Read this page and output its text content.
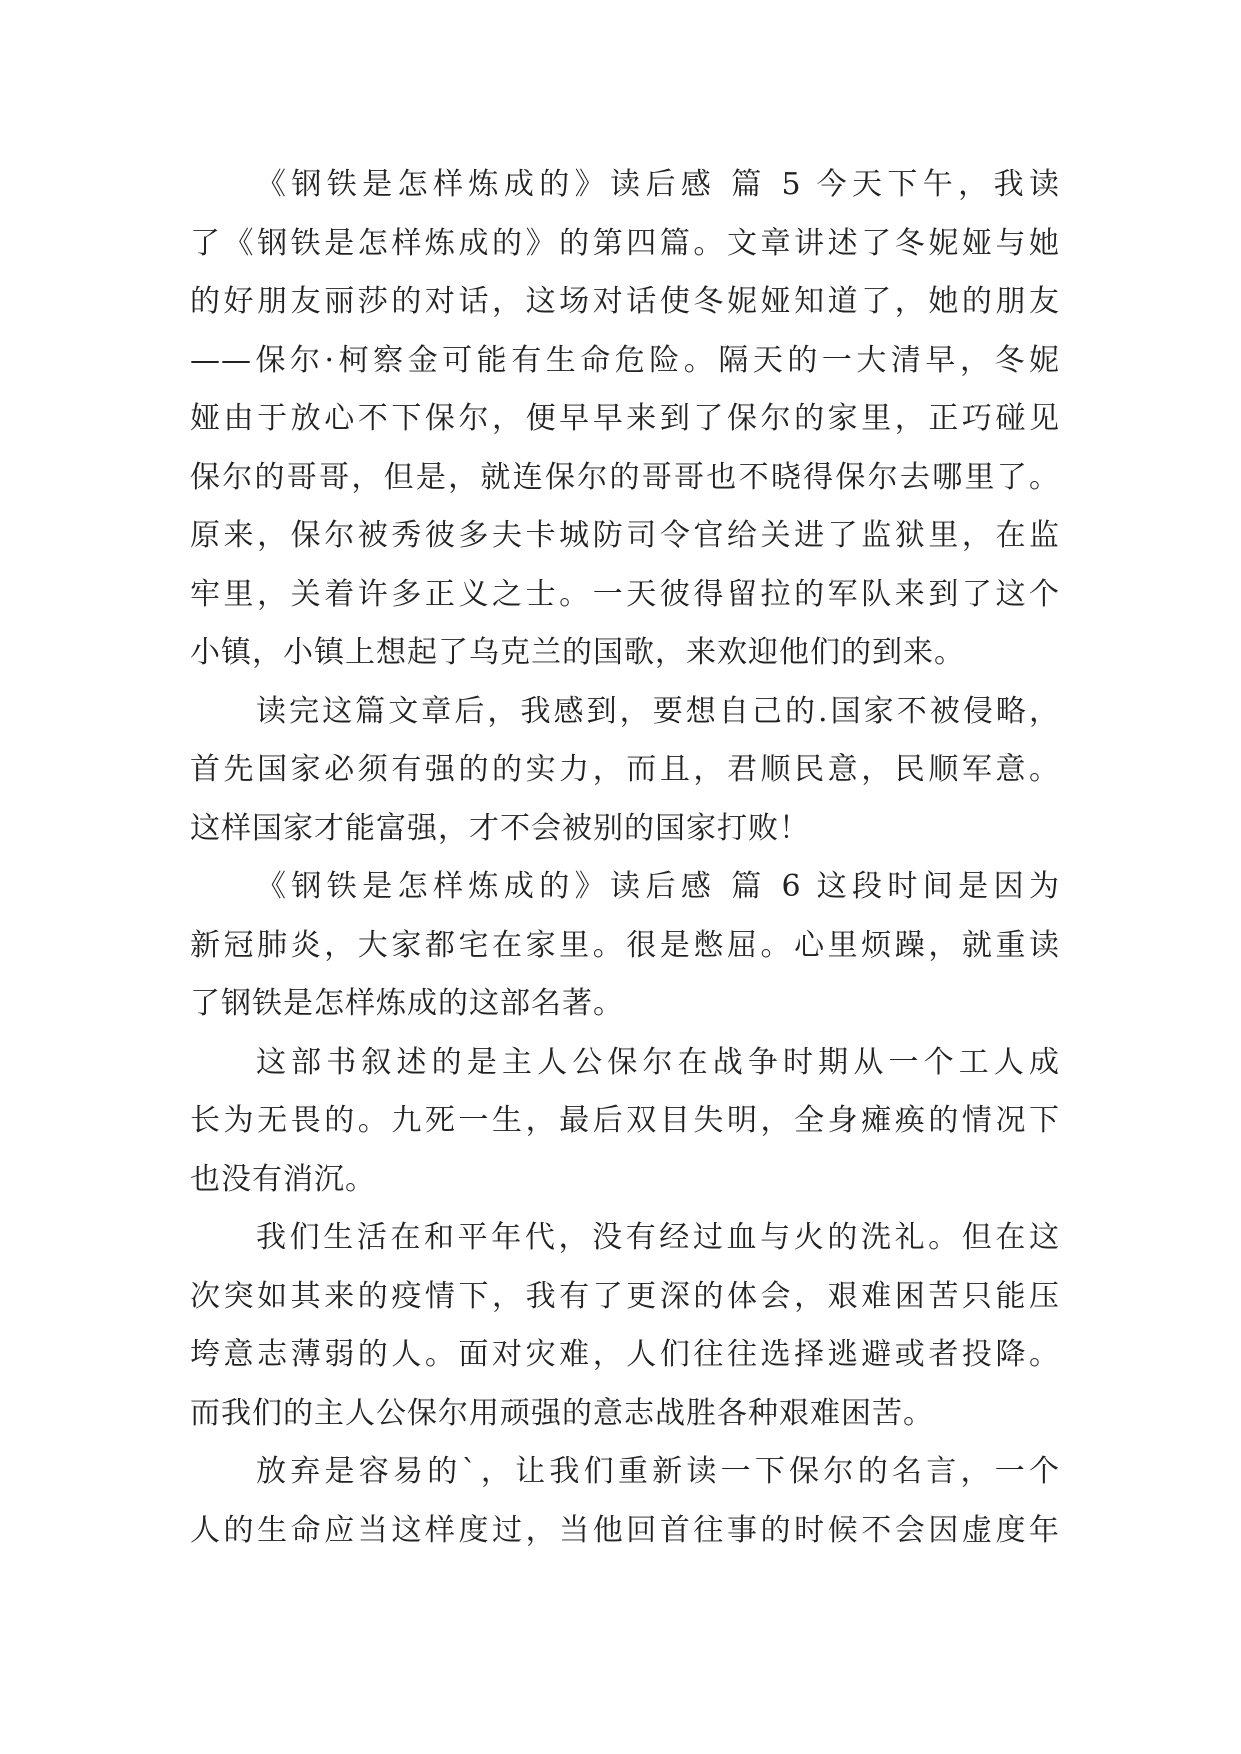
《钢铁是怎样炼成的》读后感 篇 5 今天下午，我读
了《钢铁是怎样炼成的》的第四篇。文章讲述了冬妮娅与她
的好朋友丽莎的对话，这场对话使冬妮娅知道了，她的朋友
——保尔·柯察金可能有生命危险。隔天的一大清早，冬妮
娅由于放心不下保尔，便早早来到了保尔的家里，正巧碰见
保尔的哥哥，但是，就连保尔的哥哥也不晓得保尔去哪里了。
原来，保尔被秀彼多夫卡城防司令官给关进了监狱里，在监
牢里，关着许多正义之士。一天彼得留拉的军队来到了这个
小镇，小镇上想起了乌克兰的国歌，来欢迎他们的到来。
读完这篇文章后，我感到，要想自己的.国家不被侵略，
首先国家必须有强的的实力，而且，君顺民意，民顺军意。
这样国家才能富强，才不会被别的国家打败！
《钢铁是怎样炼成的》读后感 篇 6 这段时间是因为
新冠肺炎，大家都宅在家里。很是憋屈。心里烦躁，就重读
了钢铁是怎样炼成的这部名著。
这部书叙述的是主人公保尔在战争时期从一个工人成
长为无畏的。九死一生，最后双目失明，全身瘫痪的情况下
也没有消沉。
我们生活在和平年代，没有经过血与火的洗礼。但在这
次突如其来的疫情下，我有了更深的体会，艰难困苦只能压
垮意志薄弱的人。面对灾难，人们往往选择逃避或者投降。
而我们的主人公保尔用顽强的意志战胜各种艰难困苦。
放弃是容易的`，让我们重新读一下保尔的名言，一个
人的生命应当这样度过，当他回首往事的时候不会因虚度年
